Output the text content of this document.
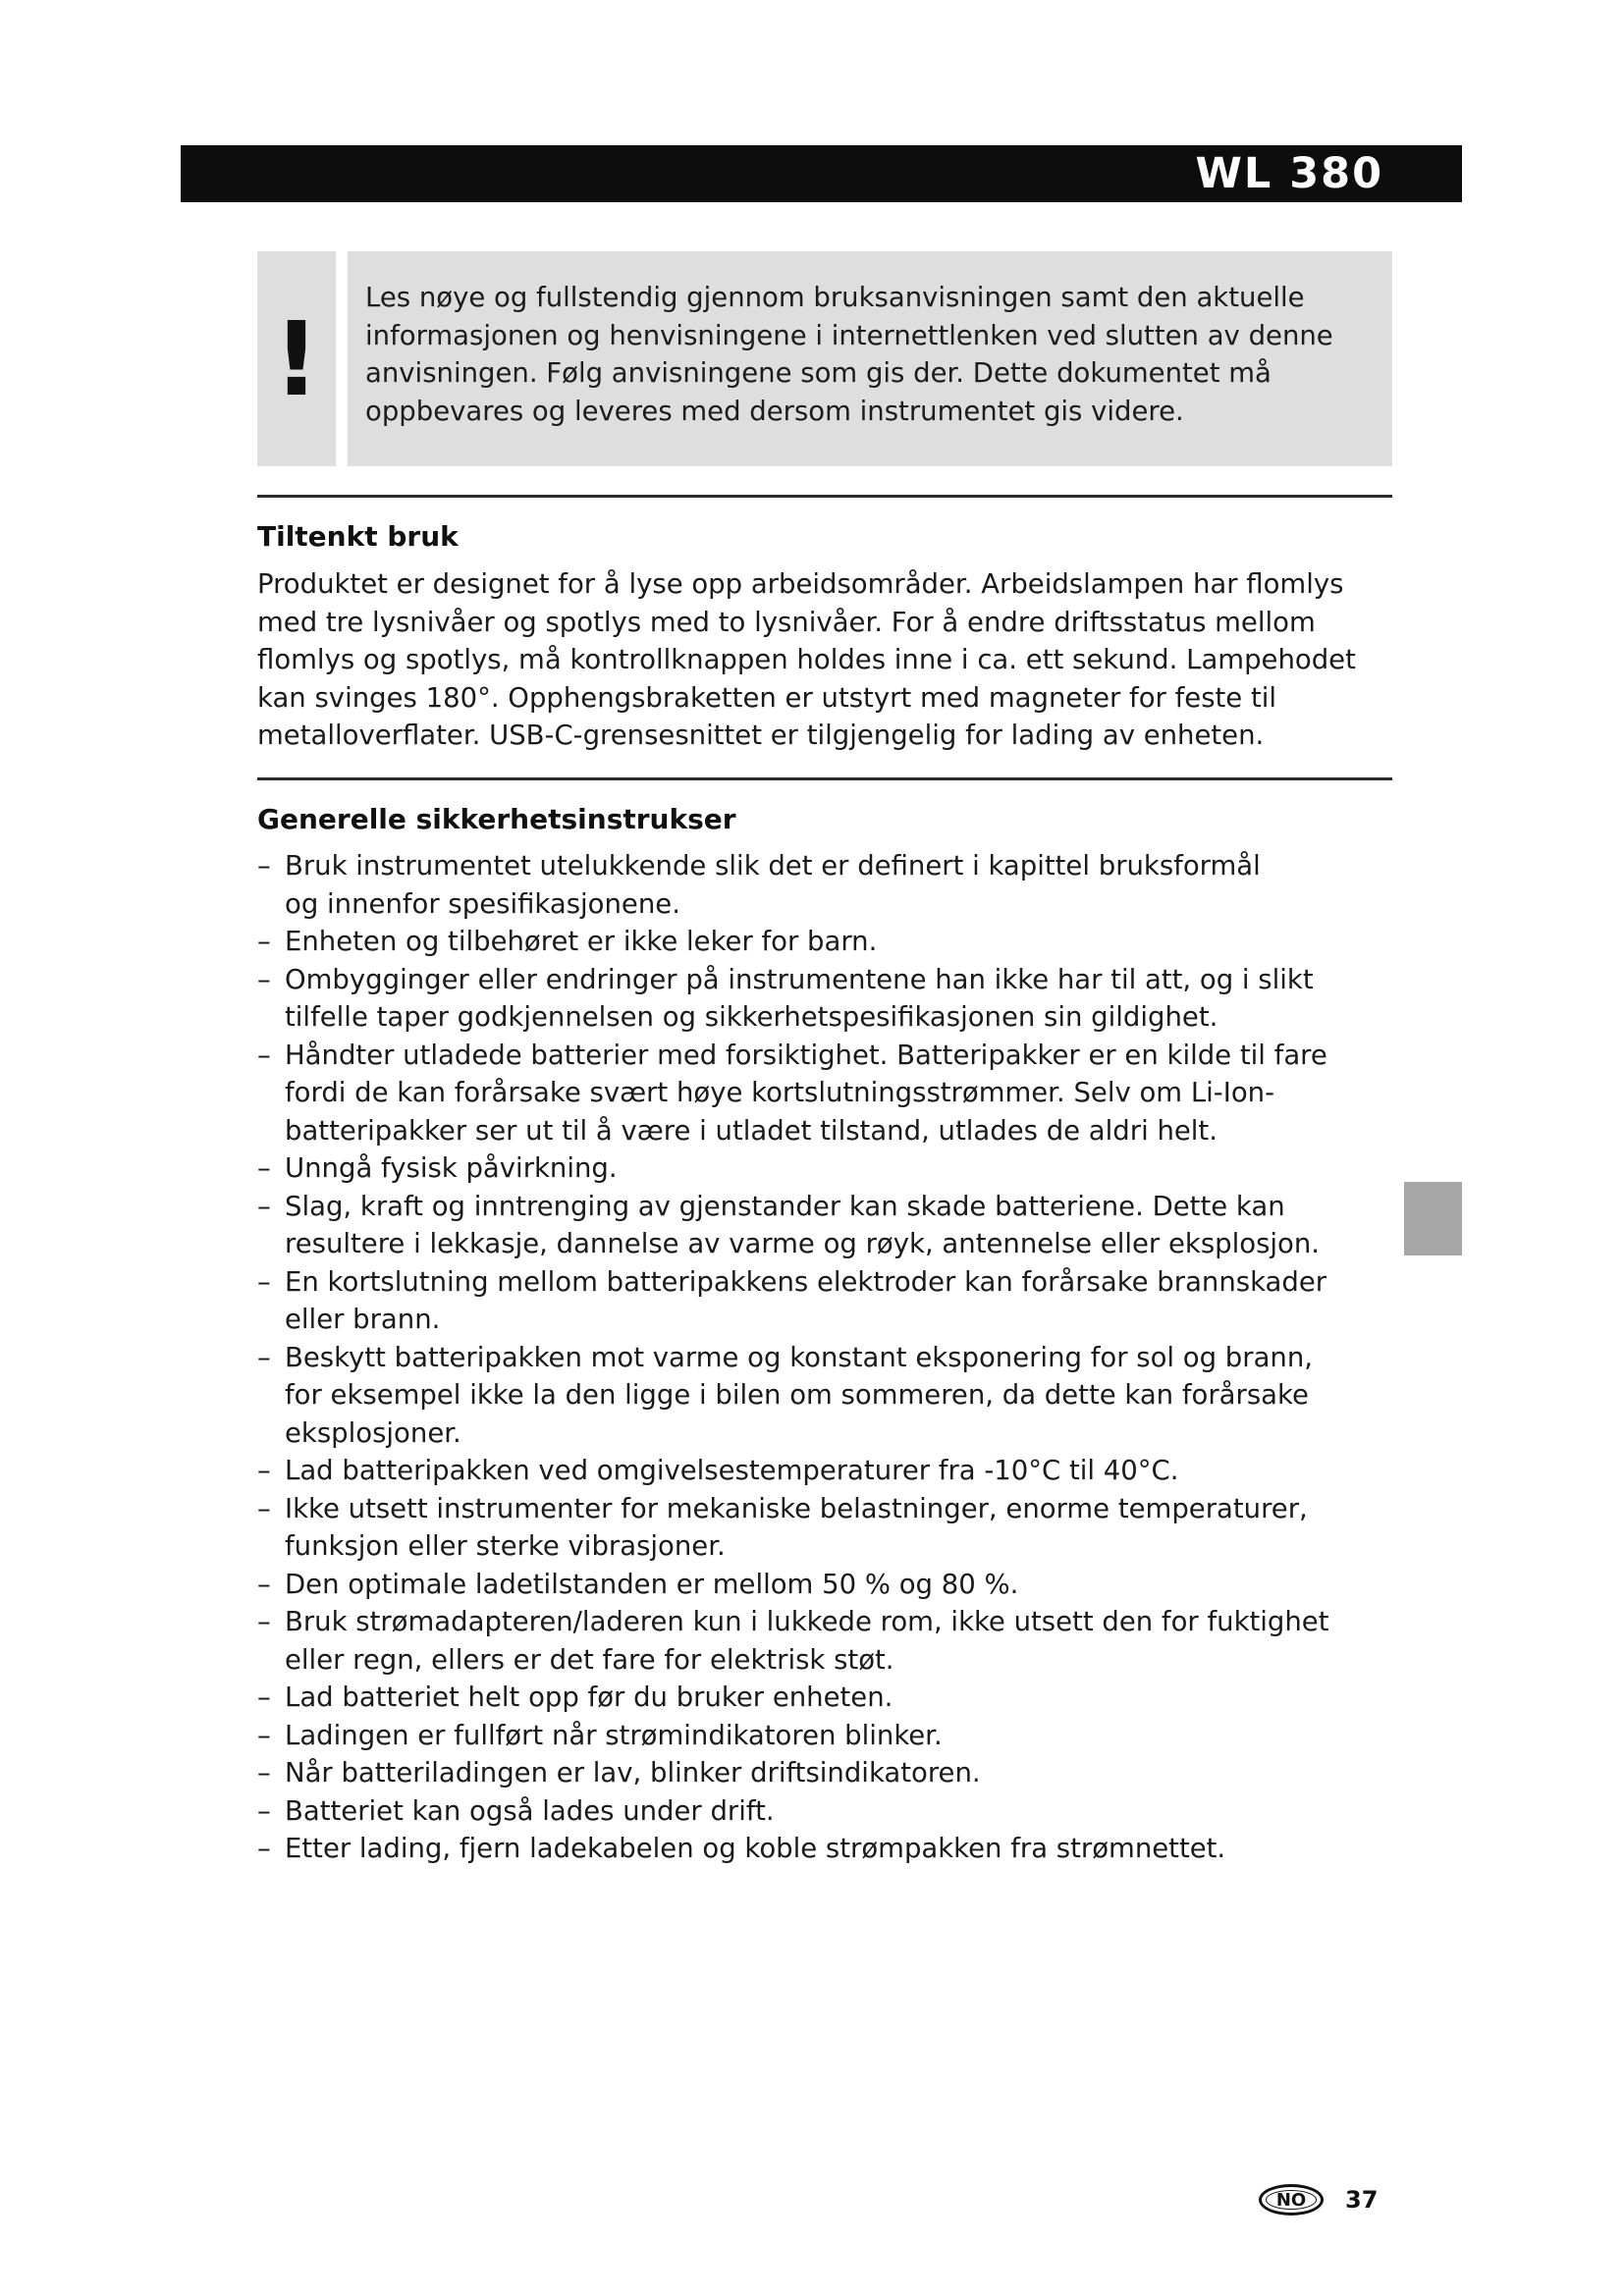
WL 380
!
Les nøye og fullstendig gjennom bruksanvisningen samt den aktuelle
informasjonen og henvisningene i internettlenken ved slutten av denne
anvisningen. Følg anvisningene som gis der. Dette dokumentet må
oppbevares og leveres med dersom instrumentet gis videre.
Tiltenkt bruk
Produktet er designet for å lyse opp arbeidsområder. Arbeidslampen har flomlys
med tre lysnivåer og spotlys med to lysnivåer. For å endre driftsstatus mellom
flomlys og spotlys, må kontrollknappen holdes inne i ca. ett sekund. Lampehodet
kan svinges 180°. Opphengsbraketten er utstyrt med magneter for feste til
metalloverflater. USB-C-grensesnittet er tilgjengelig for lading av enheten.
Generelle sikkerhetsinstrukser
– Bruk instrumentet utelukkende slik det er definert i kapittel bruksformål
og innenfor spesifikasjonene.
– Enheten og tilbehøret er ikke leker for barn.
– Ombygginger eller endringer på instrumentene han ikke har til att, og i slikt
tilfelle taper godkjennelsen og sikkerhetspesifikasjonen sin gildighet.
– Håndter utladede batterier med forsiktighet. Batteripakker er en kilde til fare
fordi de kan forårsake svært høye kortslutningsstrømmer. Selv om Li-Ion-
batteripakker ser ut til å være i utladet tilstand, utlades de aldri helt.
– Unngå fysisk påvirkning.
– Slag, kraft og inntrenging av gjenstander kan skade batteriene. Dette kan
resultere i lekkasje, dannelse av varme og røyk, antennelse eller eksplosjon.
– En kortslutning mellom batteripakkens elektroder kan forårsake brannskader
eller brann.
– Beskytt batteripakken mot varme og konstant eksponering for sol og brann,
for eksempel ikke la den ligge i bilen om sommeren, da dette kan forårsake
eksplosjoner.
– Lad batteripakken ved omgivelsestemperaturer fra -10°C til 40°C.
– Ikke utsett instrumenter for mekaniske belastninger, enorme temperaturer,
funksjon eller sterke vibrasjoner.
– Den optimale ladetilstanden er mellom 50 % og 80 %.
– Bruk strømadapteren/laderen kun i lukkede rom, ikke utsett den for fuktighet
eller regn, ellers er det fare for elektrisk støt.
– Lad batteriet helt opp før du bruker enheten.
– Ladingen er fullført når strømindikatoren blinker.
– Når batteriladingen er lav, blinker driftsindikatoren.
– Batteriet kan også lades under drift.
– Etter lading, fjern ladekabelen og koble strømpakken fra strømnettet.
NO	37
